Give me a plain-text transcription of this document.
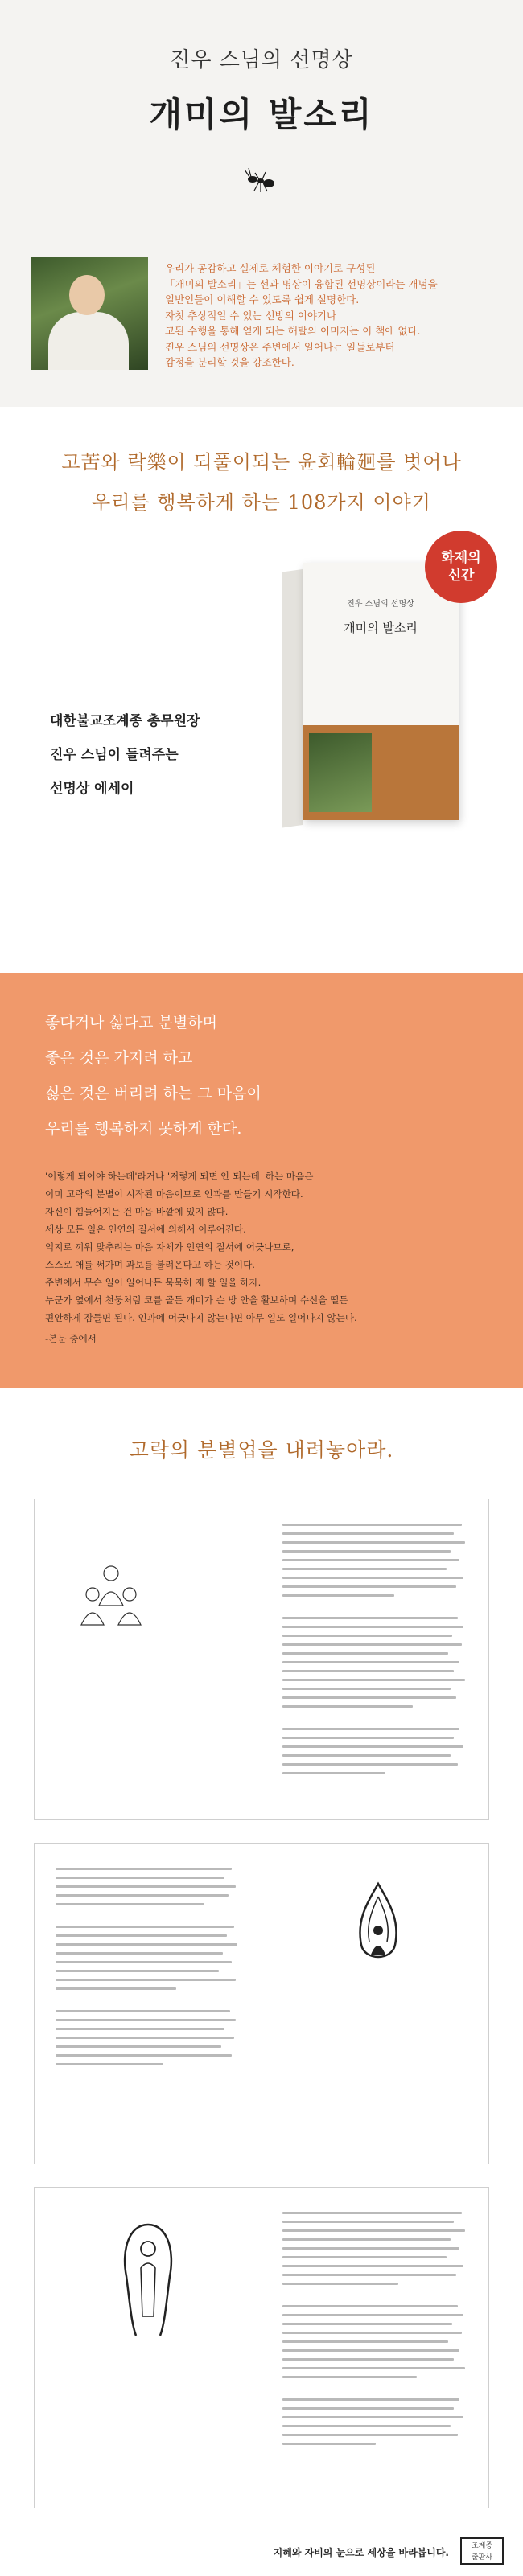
진우 스님의 선명상
개미의 발소리

우리가 공감하고 실제로 체험한 이야기로 구성된

「개미의 발소리」는 선과 명상이 융합된 선명상이라는 개념을

일반인들이 이해할 수 있도록 쉽게 설명한다.

자칫 추상적일 수 있는 선방의 이야기나

고된 수행을 통해 얻게 되는 해탈의 이미지는 이 책에 없다.

진우 스님의 선명상은 주변에서 일어나는 일들로부터

감정을 분리할 것을 강조한다.

고苦와 락樂이 되풀이되는 윤회輪廻를 벗어나
우리를 행복하게 하는 108가지 이야기
진우 스님의 선명상
개미의 발소리
화제의
신간
대한불교조계종 총무원장
진우 스님이 들려주는
선명상 에세이
좋다거나 싫다고 분별하며
좋은 것은 가지려 하고
싫은 것은 버리려 하는 그 마음이
우리를 행복하지 못하게 한다.
'이렇게 되어야 하는데'라거나 '저렇게 되면 안 되는데' 하는 마음은
이미 고락의 분별이 시작된 마음이므로 인과를 만들기 시작한다.
자신이 힘들어지는 건 마음 바깥에 있지 않다.
세상 모든 일은 인연의 질서에 의해서 이루어진다.
억지로 끼워 맞추려는 마음 자체가 인연의 질서에 어긋나므로,
스스로 애를 써가며 과보를 불러온다고 하는 것이다.
주변에서 무슨 일이 일어나든 묵묵히 제 할 일을 하자.
누군가 옆에서 천둥처럼 코를 골든 개미가 슨 방 안을 활보하며 수선을 떨든
편안하게 잠들면 된다. 인과에 어긋나지 않는다면 아무 일도 일어나지 않는다.
-본문 중에서
고락의 분별업을 내려놓아라.
지혜와 자비의 눈으로 세상을 바라봅니다.
조계종
출판사
